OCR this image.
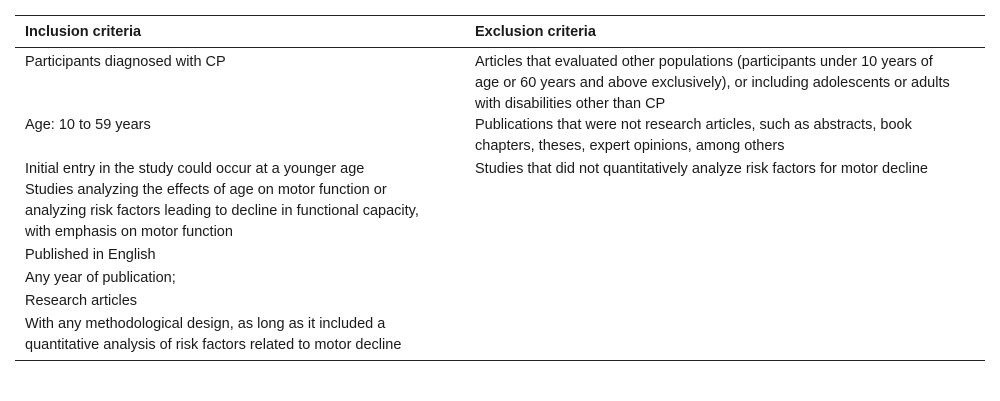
Inclusion criteria	Exclusion criteria
Participants diagnosed with CP	Articles that evaluated other populations (participants under 10 years of age or 60 years and above exclusively), or including adolescents or adults with disabilities other than CP
Age: 10 to 59 years	Publications that were not research articles, such as abstracts, book chapters, theses, expert opinions, among others
Initial entry in the study could occur at a younger age	Studies that did not quantitatively analyze risk factors for motor decline
Studies analyzing the effects of age on motor function or analyzing risk factors leading to decline in functional capacity, with emphasis on motor function	
Published in English	
Any year of publication;	
Research articles	
With any methodological design, as long as it included a quantitative analysis of risk factors related to motor decline	
